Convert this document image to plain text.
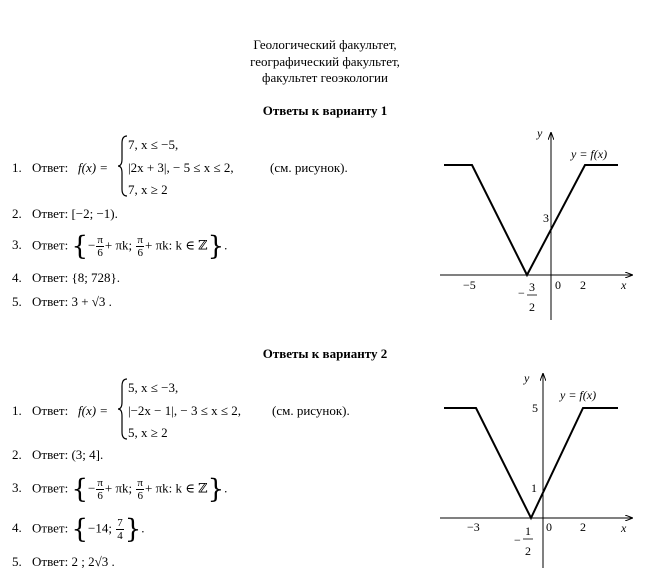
Геологический факультет,
географический факультет,
факультет геоэкологии
Ответы к варианту 1
1. Ответ: f(x) =
7, x ≤ −5,
|2x + 3|, − 5 ≤ x ≤ 2,
7, x ≥ 2
(см. рисунок).
2. Ответ: [−2; −1).
3. Ответ: {− $\frac{\pi}{6} + \pi k$; $\frac{\pi}{6} + \pi k$: k ∈ ℤ}.
4. Ответ: {8; 728}.
5. Ответ: 3 + √3 .
y
x
y = f(x)
−5	0 2
3
− 3
2
Ответы к варианту 2
1. Ответ: f(x) =
5, x ≤ −3,
|−2x − 1|, − 3 ≤ x ≤ 2,
5, x ≥ 2
(см. рисунок).
2. Ответ: (3; 4].
3. Ответ: {− $\frac{\pi}{6} + \pi k$; $\frac{\pi}{6} + \pi k$: k ∈ ℤ}.
4. Ответ: {−14; $\frac{7}{4}$ }.
5. Ответ: 2 ; 2√3 .
y
x
y = f(x)
−3	0 2
5
1
−
1
2
